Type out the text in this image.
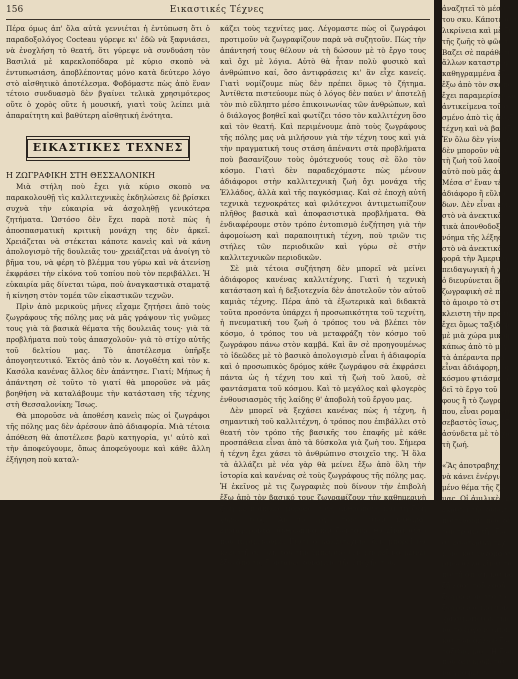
156	Εικαστικές Τέχνες

Πέρα όμως ἀπ' ὅλα αὐτὰ γεννιέται ἡ ἐντύπωση ὅτι ὁ παραδοξολόγος Cocteau γύρεψε κι' ἐδῶ νὰ ξαφνιάσει, νὰ ἐνοχλήση τὸ θεατή, ὅτι γύρεψε νὰ συνδυάση τὸν Βασιλιά μὲ καρεκλοπόδαρα μὲ κύριο σκοπὸ νὰ ἐντυπωσιάση, ἀποβλέποντας μόνο κατὰ δεύτερο λόγο στὸ αἰσθητικὸ ἀποτέλεσμα. Φοβόμαστε πὼς ἀπὸ ἕναν τέτοιο συνδυασμὸ δὲν βγαίνει τελικὰ χρησιμότερος οὔτε ὁ χορὸς οὔτε ἡ μουσική, γιατὶ τοὺς λείπει μιὰ ἀπαραίτητη καὶ βαθύτερη αἰσθητική ἑνότητα.

ΕΙΚΑΣΤΙΚΕΣ ΤΕΧΝΕΣ
Η ΖΩΓΡΑΦΙΚΗ ΣΤΗ ΘΕΣΣΑΛΟΝΙΚΗ

Μιὰ στήλη ποὺ ἔχει γιὰ κύριο σκοπὸ να παρακολουθῇ τὶς καλλιτεχνικὲς ἐκδηλώσεις δὲ βρίσκει συχνὰ τὴν εὐκαιρία νὰ ἀσχοληθῇ γενικότερα ζητήματα. Ὡστόσο δὲν ἔχει παρὰ ποτὲ πὼς ἡ ἀποσπασματικὴ κριτικὴ μονάχη της δὲν ἀρκεῖ. Χρειάζεται νὰ στέκεται κάποτε κανεὶς καὶ νὰ κάνη ἀπολογισμὸ τῆς δουλειᾶς του· χρειάζεται νὰ ἀνοίγη τὸ βῆμα του, νὰ φέρη τὸ βλέμμα του γύρω καὶ νὰ ἀτενίσῃ ἐκφράσει τὴν εἰκόνα τοῦ τοπίου ποὺ τὸν περιβάλλει. Ἡ εὐκαιρία μᾶς δίνεται τώρα, ποὺ ἀναγκαστικὰ σταματᾷ ἡ κίνηση στὸν τομέα τῶν εἰκαστικῶν τεχνῶν.

Πρὶν ἀπὸ μερικοὺς μῆνες εἴχαμε ζητήσει ἀπὸ τοὺς ζωγράφους τῆς πόλης μας νὰ μᾶς γράψουν τὶς γνῶμες τους γιὰ τὰ βασικὰ θέματα τῆς δουλειᾶς τους· γιὰ τὰ προβλήματα ποὺ τοὺς ἀπασχολοῦν· γιὰ τὸ στίχο αὐτῆς τοῦ δελτίου μας. Τὸ ἀποτέλεσμα ὑπῆρξε ἀπογοητευτικό. Ἐκτὸς ἀπὸ τὸν κ. Λογοθέτη καὶ τὸν κ. Κασόλα κανένας ἄλλος δὲν ἀπάντησε. Γιατί; Μήπως ἡ ἀπάντηση σὲ τοῦτο τὸ γιατί θὰ μποροῦσε νὰ μᾶς βοηθήση νὰ καταλάβουμε τὴν κατάσταση τῆς τέχνης στὴ Θεσσαλονίκη; Ἴσως.

Θὰ μποροῦσε νὰ ἀποθέση κανεὶς πὼς οἱ ζωγράφοι τῆς πόλης μας δὲν ἀρέσουν ἀπὸ ἀδιαφορία. Μιὰ τέτοια ἀπόθεση θὰ ἀποτέλεσε βαρὺ κατηγορία, γι' αὐτὸ καὶ τὴν ἀποφεύγουμε, ὅπως ἀποφεύγουμε καὶ κάθε ἄλλη ἐξήγηση ποὺ καταλ-

κάζει τοὺς τεχνίτες μας. Λέγομαστε πὼς οἱ ζωγράφοι προτιμοῦν νὰ ζωγραφίζουν παρὰ νὰ συζητοῦν. Πὼς τὴν ἀπάντησή τους θέλουν νὰ τὴ δώσουν μὲ τὸ ἔργο τους καὶ ὄχι μὲ λόγια. Αὐτὸ θὰ ἦταν πολὺ φυσικὸ καὶ ἀνθρώπινο καί, ὅσο ἀντιφράσεις κι' ἂν εἶχε κανείς. Γιατὶ νομίζουμε πὼς δὲν πρέπει ὅμως τὸ ζήτημα. Ἀντίθετα πιστεύουμε πὼς ὁ λόγος δὲν παύει ν' ἀποτελῇ τὸν πιὸ εὔληπτο μέσο ἐπικοινωνίας τῶν ἀνθρώπων, καὶ ὁ διάλογος βοηθεῖ καὶ φωτίζει τόσο τὸν καλλιτέχνη ὅσο καὶ τὸν θεατή. Καὶ περιμένουμε ἀπὸ τοὺς ζωγράφους τῆς πόλης μας νὰ μιλήσουν γιὰ τὴν τέχνη τους καὶ γιὰ τὴν πραγματική τους στάση ἀπέναντι στὰ προβλήματα ποὺ βασανίζουν τοὺς ὁμότεχνούς τους σὲ ὅλο τὸν κόσμο. Γιατὶ δὲν παραδεχόμαστε πὼς μένουν ἀδιάφοροι στὴν καλλιτεχνικὴ ζωὴ ὄχι μονάχα τῆς Ἑλλάδος, ἀλλὰ καὶ τῆς παγκόσμιας. Καὶ σὲ ἐποχὴ αὐτῆ τεχνικὰ τεχνοκράτες καὶ φιλότεχνοι ἀντιμετωπίζουν πλῆθος βασικὰ καὶ ἀποφασιστικὰ προβλήματα. Θὰ ἐνδιαφέρουμε στὸν τρόπο ἐντοπισμὸ ἐνζήτηση γιὰ τὴν ἀφομοίωση καὶ παραποιητικὴ τέχνη, ποὺ τριῶν τις στήλες τῶν περιοδικῶν καὶ γύρω σὲ στὴν καλλιτεχνικῶν περιοδικῶν.

Σὲ μιὰ τέτοια συζήτηση δὲν μπορεῖ νὰ μείνει ἀδιάφορος κανένας καλλιτέχνης. Γιατὶ ἡ τεχνικὴ κατάσταση καὶ ἡ δεξιοτεχνία δὲν ἀποτελοῦν τὸν αὐτοῦ καμιὰς τέχνης. Πέρα ἀπὸ τὰ ἐξωτερικὰ καὶ διδακτὰ τοῦτα προσόντα ὑπάρχει ἡ προσωπικότητα τοῦ τεχνίτη, ἡ πνευματική του ζωὴ ὁ τρόπος του νὰ βλέπει τὸν κόσμο, ὁ τρόπος του νὰ μεταφράζη τὸν κόσμο τοῦ ζωγράφου πάνω στὸν καμβά. Καὶ ἂν σὲ προηγουμένως τὸ ἰδεῶδες μὲ τὸ βασικὸ ἀπολογισμὸ εἶναι ἡ ἀδιαφορία καὶ ὁ προσωπικὸς δρόμος κάθε ζωγράφου σὰ ἐκφράσει πάντα ὡς ἡ τέχνη του καὶ τὴ ζωὴ τοῦ λαοῦ, σὲ φαντάσματα τοῦ κόσμου. Καὶ τὸ μεγάλος καὶ φλογερὸς ἐνθουσιασμὸς τῆς λαίδης θ' ἀποβολὴ τοῦ ἔργου μας.

Δὲν μπορεῖ νὰ ξεχάσει κανένας πὼς ἡ τέχνη, ἡ σημαντικὴ τοῦ καλλιτέχνη, ὁ τρόπος που ἐπιβάλλει στὸ θεατή τὸν τρόπο τῆς βασικῆς του ἐπαφῆς μὲ κάθε προσπάθεια εἶναι ἀπὸ τὰ δύσκολα γιὰ ζωὴ του. Σήμερα ἡ τέχνη ἔχει χάσει τὸ ἀνθρώπινο στοιχεῖο της. Ἡ ὅλα τὰ ἀλλάζει μὲ νέα γὰρ θὰ μείνει ἔξω ἀπὸ ὅλη τὴν ἱστορία καὶ κανένας σὲ τοὺς ζωγράφους τῆς πόλης μας. Ἡ ἐκεῖνος μὲ τις ζωγραφιὲς ποὺ δίνουν τὴν ἐπιβολὴ ἔξω ἀπὸ τὸν βασικό τους ζωγραφίζουν τὴν καθημερινὴ ζωὴ μὲ ποικίλες μορφὲς, τοὺς ἀνθρώπους καὶ τὴ ζωὴ γύρω τους. Ἂν τὸ ἔργο τους εἶναι καθαρά, ἐνδιαφέροντα, ἀνθρώπινα καὶ ζωντανά, θὰ εἶναι αὐτὸ ποὺ περιμένουμε. Γιατὶ ὁ καλλιτέχνης δὲν μπορεῖ νὰ κλειστῇ σὲ ὅλη του τὴν ἐμπειρία· δὲν μπορεῖ νὰ μείνει ἔξω ἀπὸ τὶς ζωντανὲς δυνάμεις τῆς ἐποχῆς του.

ἀναζητεῖ τὸ μέσο τ
του σκυ. Κάποτε αὐτ
λικρίνεια καὶ μὲ ξη
τῆς ζωῆς τὸ φῶς τ
Βαζει σὲ παράθεσι
ἄλλων καταστρέψ
καθηγραμμένα ἔξω
ἔξω ἀπὸ τὸν σκοπὸ
ἔχει παραμερίσει κα
ἀντικείμενα τοῦ σ
σμένο ἀπὸ τὶς ἀναζ
τέχνη καὶ νὰ βαδίζο
Ἐν ὅλω δὲν γίνει ἀ
δὲν μποροῦν νὰ σ
τὴ ζωὴ τοῦ λαοῦ
αὐτὸ ποὺ μᾶς ἀπασ
Μέσα σ' ἕναν τέ
ἀδιάφορο ἢ εὔλια
δων. Δὲν εἶναι εὔκ
στὸ νὰ ἀνεκτικὸ
τικὰ ἀπονθοδοξω
νόημα τῆς λέξης
στὸ νὰ ἀνεκτικὸ
φορᾶ τὴν Ἀμερική
πειδαγωγικὴ ἡ χρυσ
ὁ διευρύνεται ὅμως
ζωγραφικὴ σὲ ποτὲ
τὸ ἀμοιρο τὸ στατ
κλειστη τὴν προση
ἔχει ὅμως ταξιδεψ
μὲ μιὰ χώρα μικρὴ
κάπως ἀπὸ τὸ μεγ
τὰ ἀπέραντα πρα
εἶναι ἀδιάφορη, ὅμω
κόσμου φτιάσμα, ὅλ
δεῖ τὸ ἔργο τοῦ
φους ἢ τὸ ζωγραφ
που, εἶναι ρομαντι
σεβαστὸς ἴσως, ἐξ
ἀσύνδετα μὲ τὸ χρ
τὴ ζωή.
«Ἂς ἀποτραβηχτ
νὰ κάνει ἐνέργιο το
μένο θέμα τῆς ζω
μας. Οἱ ἀμιλικὲς ἔκ
ἐκρίσει τῆς δυνατότ
πιστεύουμε πὼς δὲ
τὸν τρόπο τῆς ζω
σὲ ἐσωτερικὴ τέχ
μόνο καὶ εὐχόμαστε
ρίνω ἀλλὰ εἶναι τὰ
πιστῆ ἀπόλη καὶ νὰ
ζῆ λαὸς τοῦ λαοῦ
ζωγράφων στὸ τὸ
ζωγράφος καὶ τὸν
χρησιμοποιῶν τὴν
νὰ τὸ ἔργο ν' ἀπόκ
καὶ τῶν ἄλλων ζω
ταξίδια μας. Ἡ ζωὴ
ποὺ δὲν κρύβεται
νὰ γράψει σὲ τ
